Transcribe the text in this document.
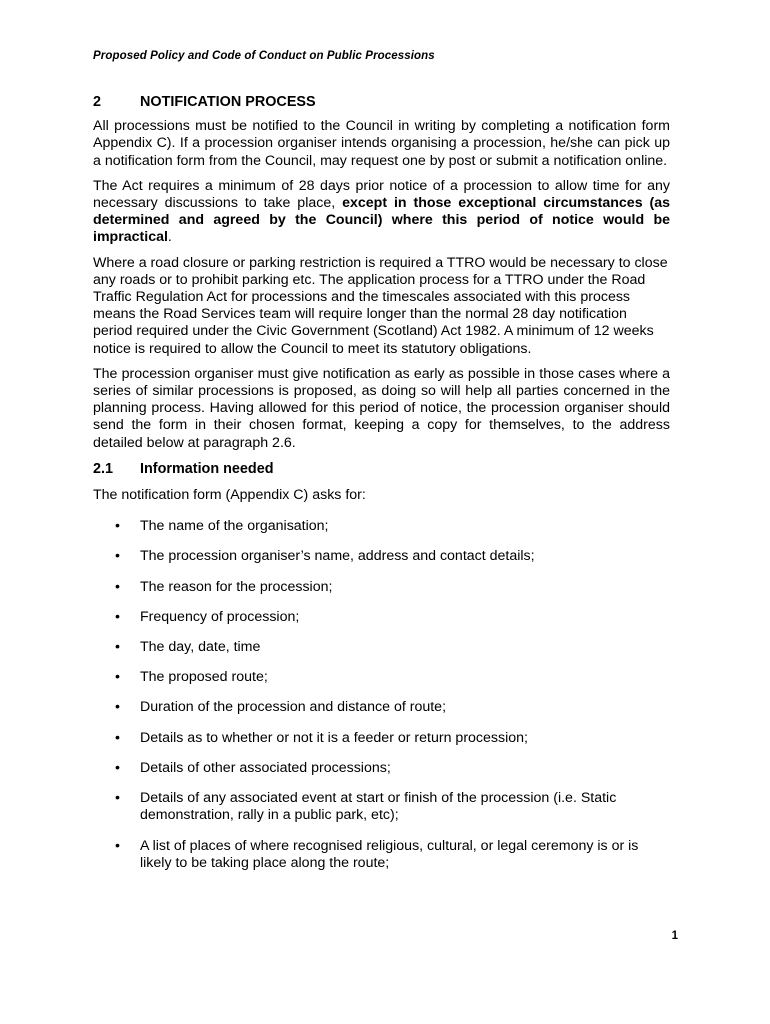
Proposed Policy and Code of Conduct on Public Processions
2	NOTIFICATION PROCESS

All processions must be notified to the Council in writing by completing a notification form Appendix C). If a procession organiser intends organising a procession, he/she can pick up a notification form from the Council, may request one by post or submit a notification online.

The Act requires a minimum of 28 days prior notice of a procession to allow time for any necessary discussions to take place, except in those exceptional circumstances (as determined and agreed by the Council) where this period of notice would be impractical.

Where a road closure or parking restriction is required a TTRO would be necessary to close any roads or to prohibit parking etc. The application process for a TTRO under the Road Traffic Regulation Act for processions and the timescales associated with this process means the Road Services team will require longer than the normal 28 day notification period required under the Civic Government (Scotland) Act 1982. A minimum of 12 weeks notice is required to allow the Council to meet its statutory obligations.

The procession organiser must give notification as early as possible in those cases where a series of similar processions is proposed, as doing so will help all parties concerned in the planning process. Having allowed for this period of notice, the procession organiser should send the form in their chosen format, keeping a copy for themselves, to the address detailed below at paragraph 2.6.

2.1	Information needed

The notification form (Appendix C) asks for:

• The name of the organisation;
• The procession organiser’s name, address and contact details;
• The reason for the procession;
• Frequency of procession;
• The day, date, time
• The proposed route;
• Duration of the procession and distance of route;
• Details as to whether or not it is a feeder or return procession;
• Details of other associated processions;
• Details of any associated event at start or finish of the procession (i.e. Static demonstration, rally in a public park, etc);
• A list of places of where recognised religious, cultural, or legal ceremony is or is likely to be taking place along the route;
1
